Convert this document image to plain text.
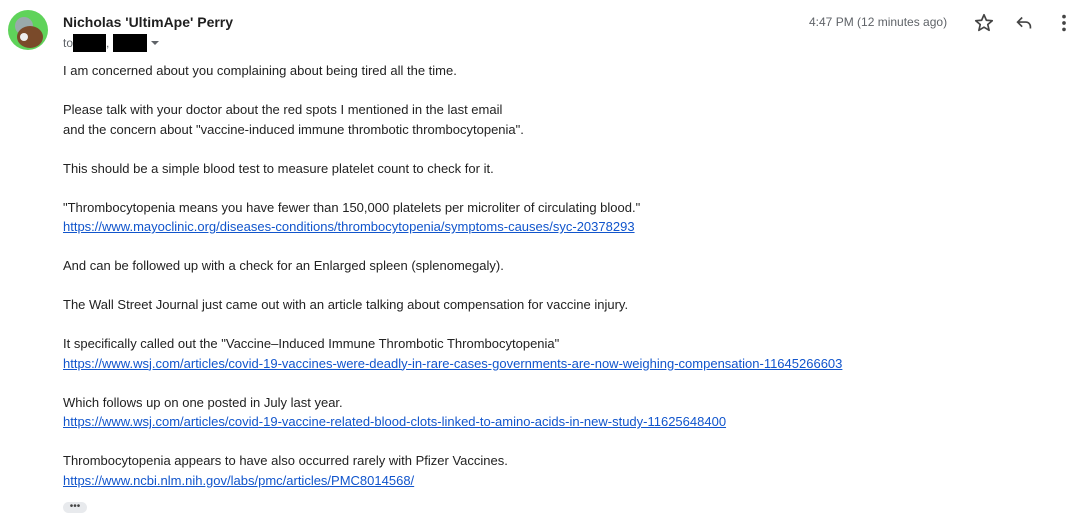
Nicholas 'UltimApe' Perry
to	,
4:47 PM (12 minutes ago)

I am concerned about you complaining about being tired all the time.

Please talk with your doctor about the red spots I mentioned in the last email
and the concern about "vaccine-induced immune thrombotic thrombocytopenia".

This should be a simple blood test to measure platelet count to check for it.

"Thrombocytopenia means you have fewer than 150,000 platelets per microliter of circulating blood."
https://www.mayoclinic.org/diseases-conditions/thrombocytopenia/symptoms-causes/syc-20378293

And can be followed up with a check for an Enlarged spleen (splenomegaly).

The Wall Street Journal just came out with an article talking about compensation for vaccine injury.

It specifically called out the "Vaccine–Induced Immune Thrombotic Thrombocytopenia"
https://www.wsj.com/articles/covid-19-vaccines-were-deadly-in-rare-cases-governments-are-now-weighing-compensation-11645266603

Which follows up on one posted in July last year.
https://www.wsj.com/articles/covid-19-vaccine-related-blood-clots-linked-to-amino-acids-in-new-study-11625648400

Thrombocytopenia appears to have also occurred rarely with Pfizer Vaccines.
https://www.ncbi.nlm.nih.gov/labs/pmc/articles/PMC8014568/

•••
